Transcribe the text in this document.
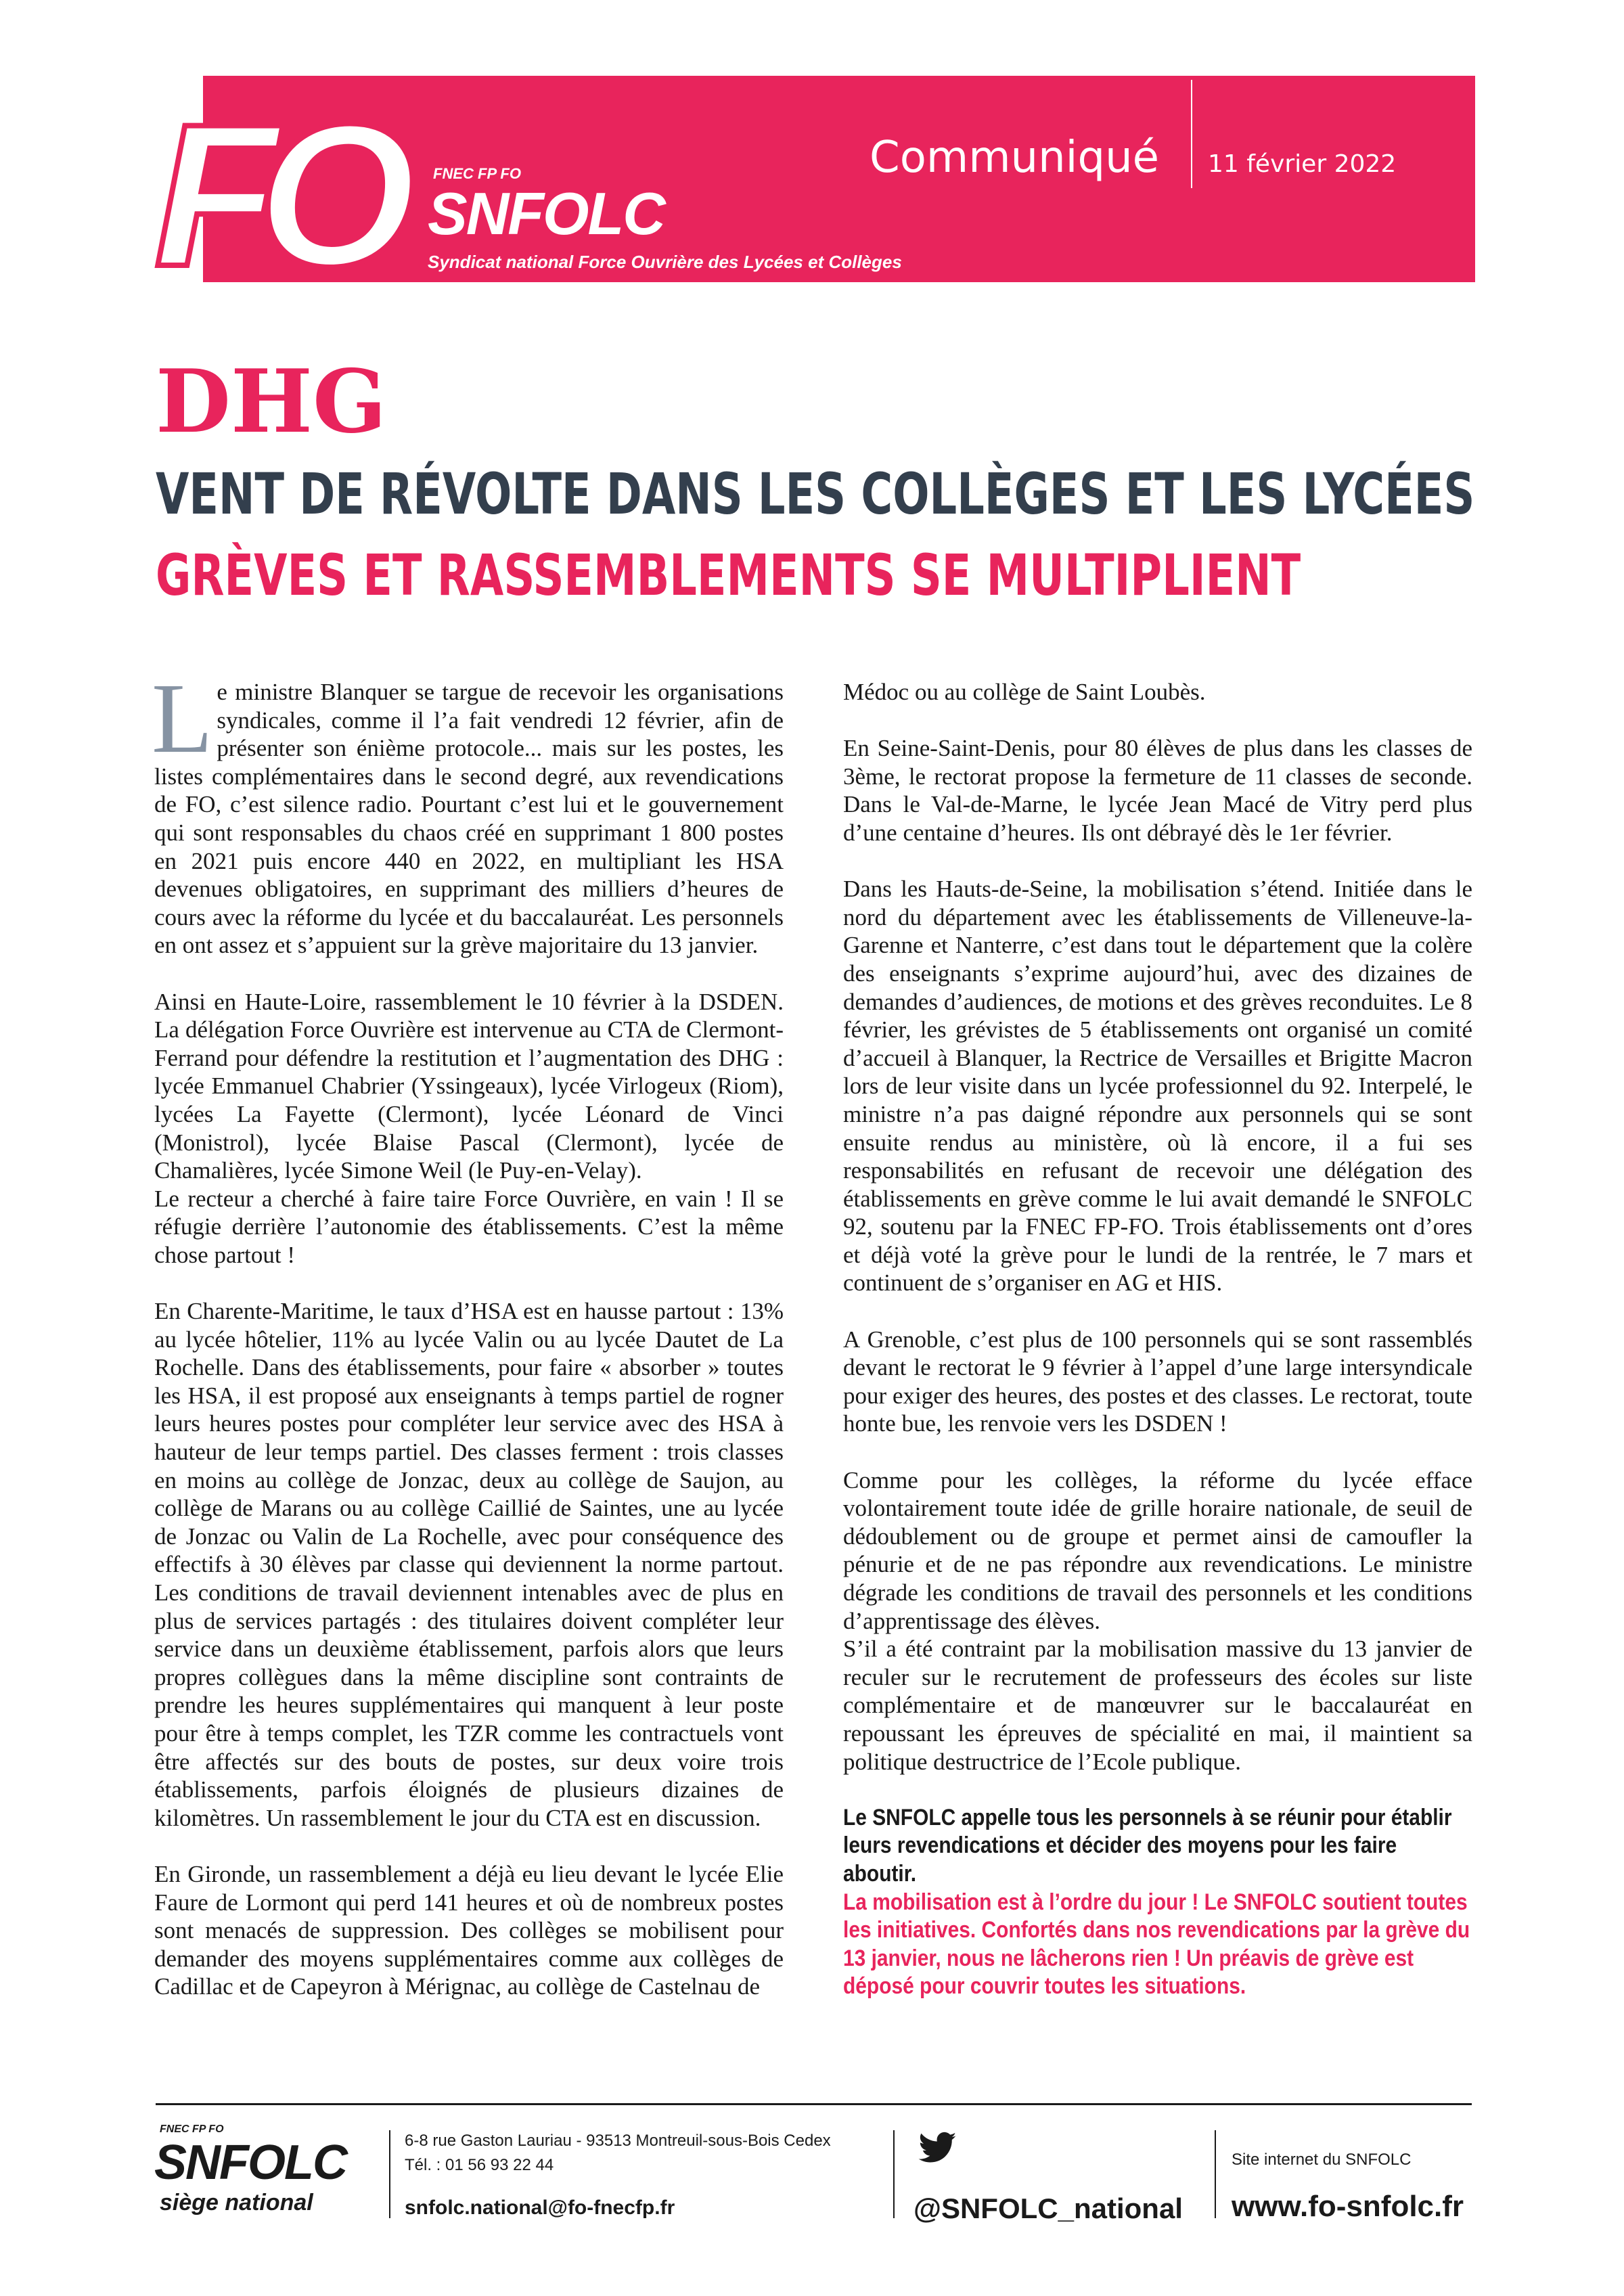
FO	FNEC FP FO
SNFOLC
Syndicat national Force Ouvrière des Lycées et Collèges
Communiqué 11 février 2022
DHG
VENT DE RÉVOLTE DANS LES COLLÈGES ET LES LYCÉES
GRÈVES ET RASSEMBLEMENTS SE MULTIPLIENT

Le ministre Blanquer se targue de recevoir les organisations syndicales, comme il l’a fait vendredi 12 février, afin de présenter son énième protocole... mais sur les postes, les listes complémentaires dans le second degré, aux revendications de FO, c’est silence radio. Pourtant c’est lui et le gouvernement qui sont responsables du chaos créé en supprimant 1 800 postes en 2021 puis encore 440 en 2022, en multipliant les HSA devenues obligatoires, en supprimant des milliers d’heures de cours avec la réforme du lycée et du baccalauréat. Les personnels en ont assez et s’appuient sur la grève majoritaire du 13 janvier.

Ainsi en Haute-Loire, rassemblement le 10 février à la DSDEN. La délégation Force Ouvrière est intervenue au CTA de Clermont-Ferrand pour défendre la restitution et l’augmentation des DHG : lycée Emmanuel Chabrier (Yssingeaux), lycée Virlogeux (Riom), lycées La Fayette (Clermont), lycée Léonard de Vinci (Monistrol), lycée Blaise Pascal (Clermont), lycée de Chamalières, lycée Simone Weil (le Puy-en-Velay).

Le recteur a cherché à faire taire Force Ouvrière, en vain ! Il se réfugie derrière l’autonomie des établissements. C’est la même chose partout !

En Charente-Maritime, le taux d’HSA est en hausse partout : 13% au lycée hôtelier, 11% au lycée Valin ou au lycée Dautet de La Rochelle. Dans des établissements, pour faire « absorber » toutes les HSA, il est proposé aux enseignants à temps partiel de rogner leurs heures postes pour compléter leur service avec des HSA à hauteur de leur temps partiel. Des classes ferment : trois classes en moins au collège de Jonzac, deux au collège de Saujon, au collège de Marans ou au collège Caillié de Saintes, une au lycée de Jonzac ou Valin de La Rochelle, avec pour conséquence des effectifs à 30 élèves par classe qui deviennent la norme partout. Les conditions de travail deviennent intenables avec de plus en plus de services partagés : des titulaires doivent compléter leur service dans un deuxième établissement, parfois alors que leurs propres collègues dans la même discipline sont contraints de prendre les heures supplémentaires qui manquent à leur poste pour être à temps complet, les TZR comme les contractuels vont être affectés sur des bouts de postes, sur deux voire trois établissements, parfois éloignés de plusieurs dizaines de kilomètres. Un rassemblement le jour du CTA est en discussion.

En Gironde, un rassemblement a déjà eu lieu devant le lycée Elie Faure de Lormont qui perd 141 heures et où de nombreux postes sont menacés de suppression. Des collèges se mobilisent pour demander des moyens supplémentaires comme aux collèges de Cadillac et de Capeyron à Mérignac, au collège de Castelnau de

Médoc ou au collège de Saint Loubès.

En Seine-Saint-Denis, pour 80 élèves de plus dans les classes de 3ème, le rectorat propose la fermeture de 11 classes de seconde. Dans le Val-de-Marne, le lycée Jean Macé de Vitry perd plus d’une centaine d’heures. Ils ont débrayé dès le 1er février.

Dans les Hauts-de-Seine, la mobilisation s’étend. Initiée dans le nord du département avec les établissements de Villeneuve-la-Garenne et Nanterre, c’est dans tout le département que la colère des enseignants s’exprime aujourd’hui, avec des dizaines de demandes d’audiences, de motions et des grèves reconduites. Le 8 février, les grévistes de 5 établissements ont organisé un comité d’accueil à Blanquer, la Rectrice de Versailles et Brigitte Macron lors de leur visite dans un lycée professionnel du 92. Interpelé, le ministre n’a pas daigné répondre aux personnels qui se sont ensuite rendus au ministère, où là encore, il a fui ses responsabilités en refusant de recevoir une délégation des établissements en grève comme le lui avait demandé le SNFOLC 92, soutenu par la FNEC FP-FO. Trois établissements ont d’ores et déjà voté la grève pour le lundi de la rentrée, le 7 mars et continuent de s’organiser en AG et HIS.

A Grenoble, c’est plus de 100 personnels qui se sont rassemblés devant le rectorat le 9 février à l’appel d’une large intersyndicale pour exiger des heures, des postes et des classes. Le rectorat, toute honte bue, les renvoie vers les DSDEN !

Comme pour les collèges, la réforme du lycée efface volontairement toute idée de grille horaire nationale, de seuil de dédoublement ou de groupe et permet ainsi de camoufler la pénurie et de ne pas répondre aux revendications. Le ministre dégrade les conditions de travail des personnels et les conditions d’apprentissage des élèves.

S’il a été contraint par la mobilisation massive du 13 janvier de reculer sur le recrutement de professeurs des écoles sur liste complémentaire et de manœuvrer sur le baccalauréat en repoussant les épreuves de spécialité en mai, il maintient sa politique destructrice de l’Ecole publique.

Le SNFOLC appelle tous les personnels à se réunir pour établir leurs revendications et décider des moyens pour les faire aboutir.

La mobilisation est à l’ordre du jour ! Le SNFOLC soutient toutes les initiatives. Confortés dans nos revendications par la grève du 13 janvier, nous ne lâcherons rien ! Un préavis de grève est déposé pour couvrir toutes les situations.

FNEC FP FO
SNFOLC
siège national
6-8 rue Gaston Lauriau - 93513 Montreuil-sous-Bois Cedex
Tél. : 01 56 93 22 44
snfolc.national@fo-fnecfp.fr	@SNFOLC_national
Site internet du SNFOLC
www.fo-snfolc.fr
